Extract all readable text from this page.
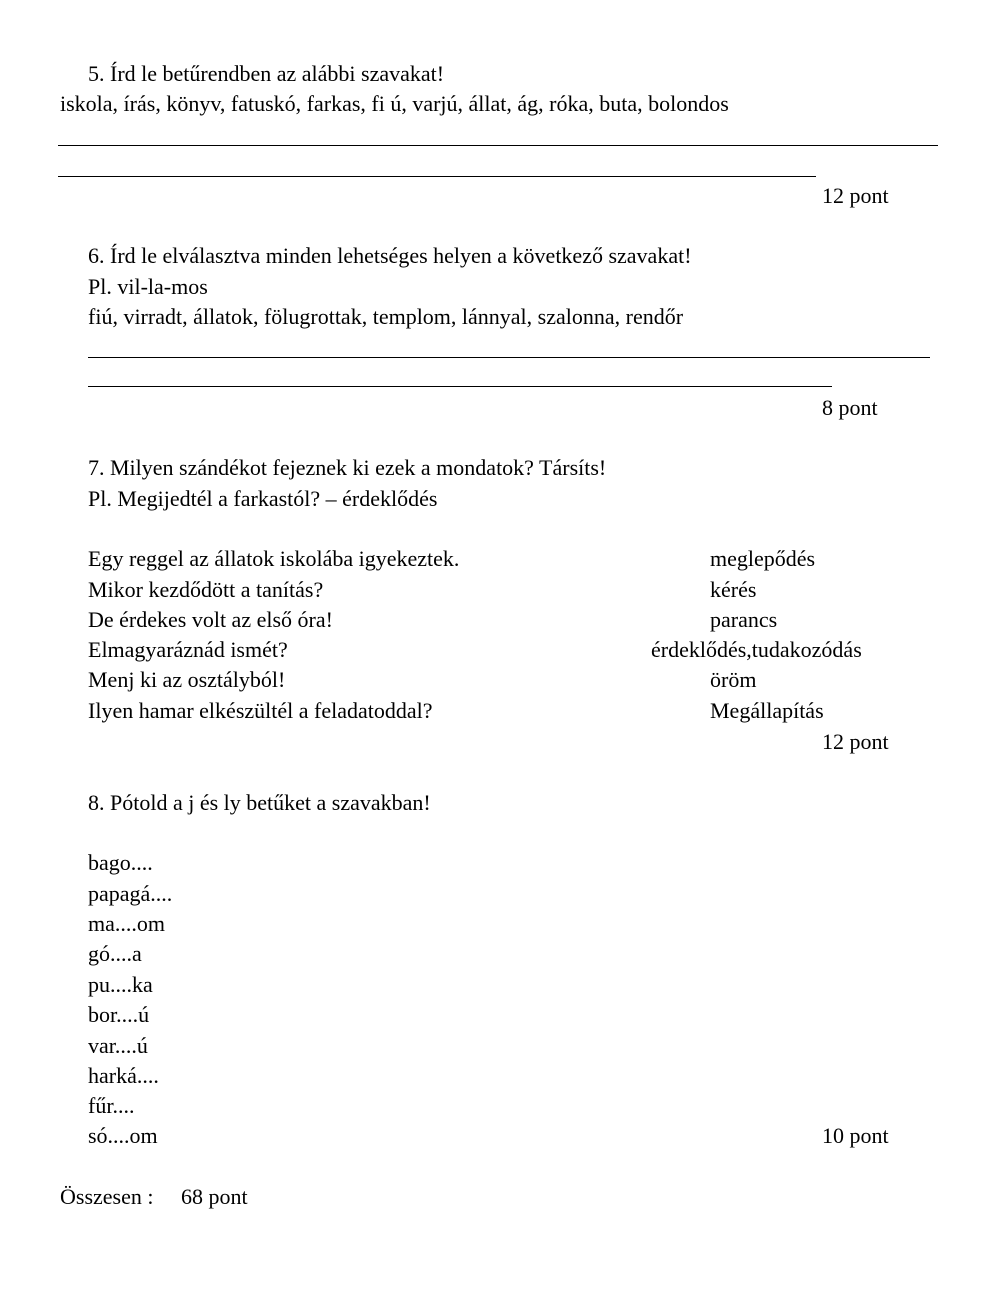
5. Írd le betűrendben az alábbi szavakat!
iskola, írás, könyv, fatuskó, farkas, fi ú, varjú, állat, ág, róka, buta, bolondos
12 pont
6. Írd le elválasztva minden lehetséges helyen a következő szavakat!
Pl. vil-la-mos
fiú, virradt, állatok, fölugrottak, templom, lánnyal, szalonna, rendőr
8 pont
7. Milyen szándékot fejeznek ki ezek a mondatok? Társíts!
Pl. Megijedtél a farkastól? – érdeklődés
Egy reggel az állatok iskolába igyekeztek.
Mikor kezdődött a tanítás?
De érdekes volt az első óra!
Elmagyaráznád ismét?
Menj ki az osztályból!
Ilyen hamar elkészültél a feladatoddal?
meglepődés
kérés
parancs
érdeklődés,tudakozódás
öröm
Megállapítás
12 pont
8. Pótold a j és ly betűket a szavakban!
bago....
papagá....
ma....om
gó....a
pu....ka
bor....ú
var....ú
harká....
fűr....
só....om	10 pont
Összesen : 68 pont
